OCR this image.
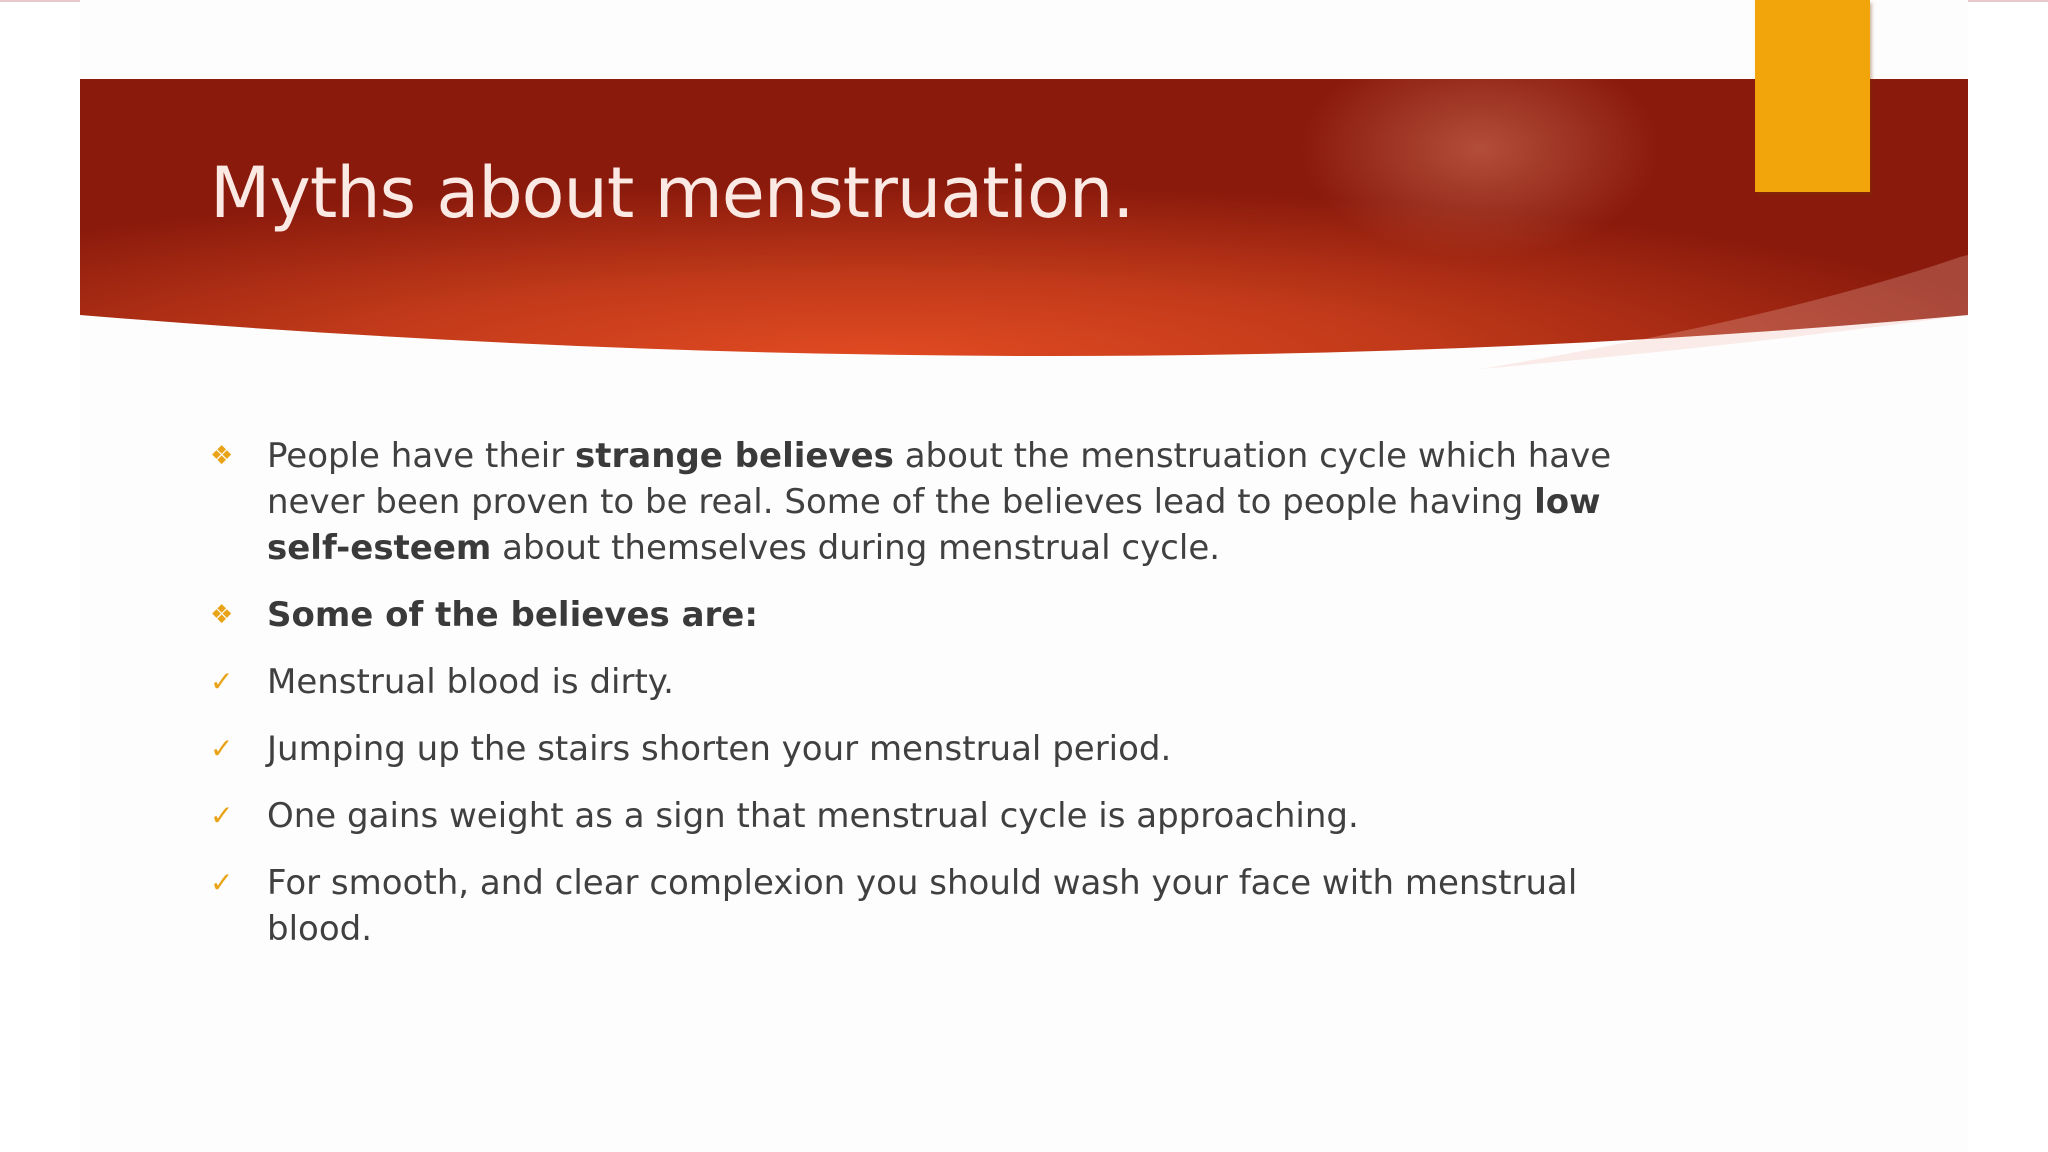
Myths about menstruation.
❖ People have their strange believes about the menstruation cycle which have never been proven to be real. Some of the believes lead to people having low self-esteem about themselves during menstrual cycle.
❖ Some of the believes are:
✓ Menstrual blood is dirty.
✓ Jumping up the stairs shorten your menstrual period.
✓ One gains weight as a sign that menstrual cycle is approaching.
✓ For smooth, and clear complexion you should wash your face with menstrual blood.
